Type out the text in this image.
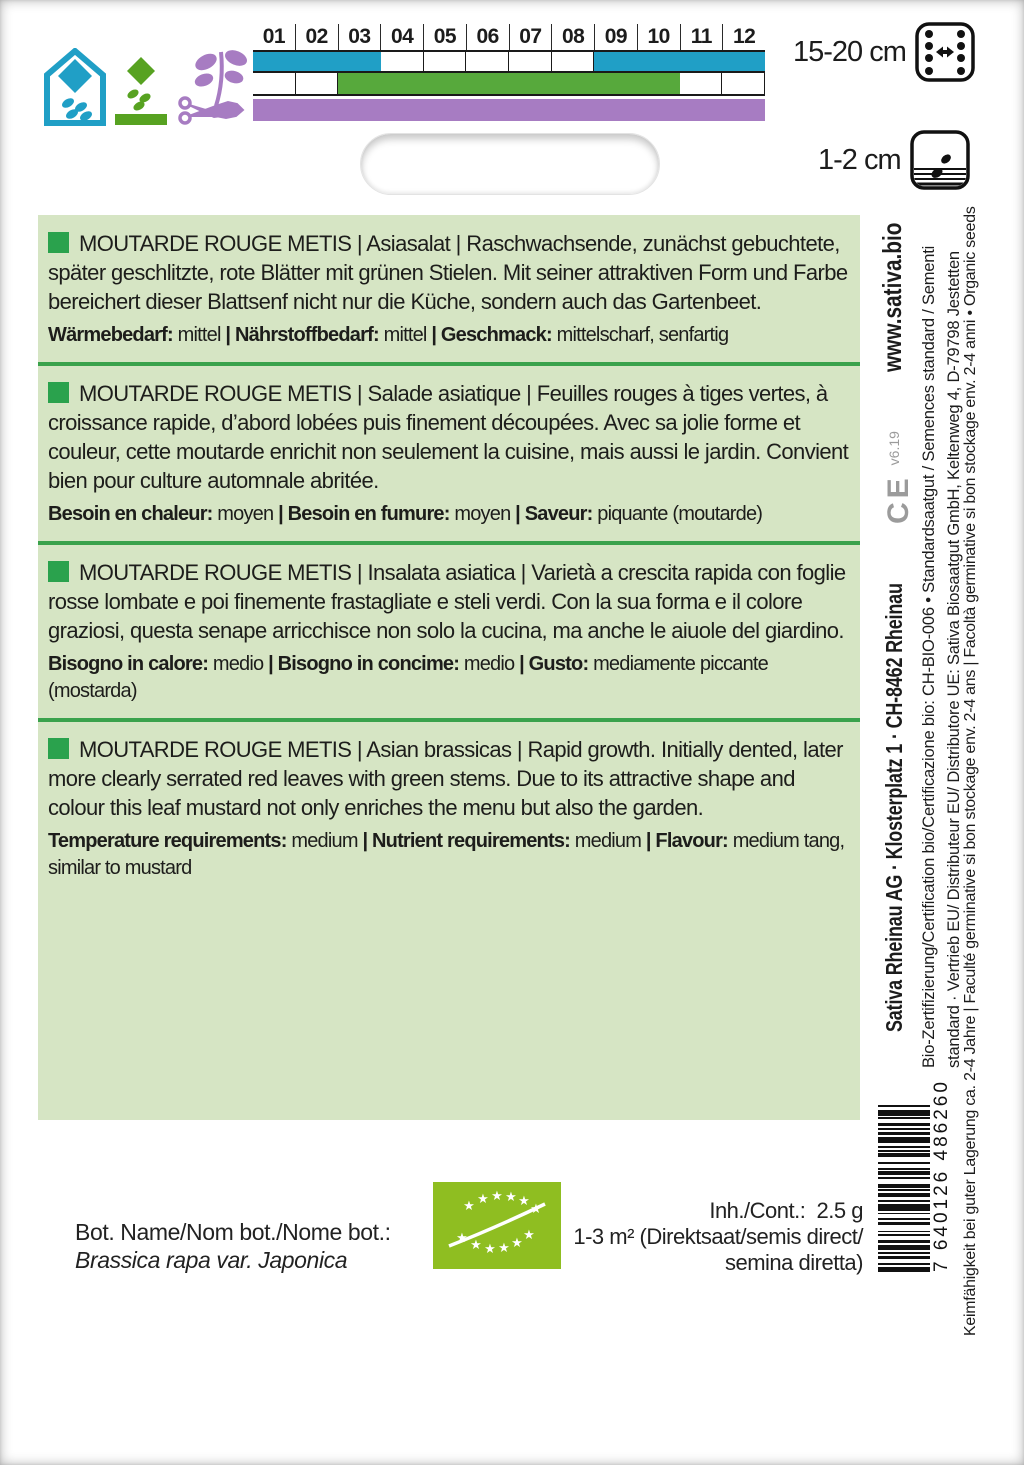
01 02 03 04 05 06 07 08 09 10 11 12	15-20 cm
1-2 cm

MOUTARDE ROUGE METIS | Asiasalat | Raschwachsende, zunächst gebuchtete, später geschlitzte, rote Blätter mit grünen Stielen. Mit seiner attraktiven Form und Farbe bereichert dieser Blattsenf nicht nur die Küche, sondern auch das Gartenbeet.

Wärmebedarf: mittel | Nährstoffbedarf: mittel | Geschmack: mittelscharf, senfartig

MOUTARDE ROUGE METIS | Salade asiatique | Feuilles rouges à tiges vertes, à croissance rapide, d’abord lobées puis finement découpées. Avec sa jolie forme et couleur, cette moutarde enrichit non seulement la cuisine, mais aussi le jardin. Convient bien pour culture automnale abritée.

Besoin en chaleur: moyen | Besoin en fumure: moyen | Saveur: piquante (moutarde)

MOUTARDE ROUGE METIS | Insalata asiatica | Varietà a crescita rapida con foglie rosse lombate e poi finemente frastagliate e steli verdi. Con la sua forma e il colore graziosi, questa senape arricchisce non solo la cucina, ma anche le aiuole del giardino.

Bisogno in calore: medio | Bisogno in concime: medio | Gusto: mediamente piccante (mostarda)

MOUTARDE ROUGE METIS | Asian brassicas | Rapid growth. Initially dented, later more clearly serrated red leaves with green stems. Due to its attractive shape and colour this leaf mustard not only enriches the menu but also the garden.

Temperature requirements: medium | Nutrient requirements: medium | Flavour: medium tang, similar to mustard

Bot. Name/Nom bot./Nome bot.:
Brassica rapa var. Japonica
★ ★ ★ ★ ★
★
★ ★ ★ ★ ★
★
Inh./Cont.:  2.5 g
1-3 m² (Direktsaat/semis direct/
semina diretta)
Sativa Rheinau AG · Klosterplatz 1 · CH-8462 Rheinau
www.sativa.bio
CEv6.19	Bio-Zertifizierung/Certification bio/Certificazione bio: CH-BIO-006 • Standardsaatgut / Semences standard / Sementi standard · Vertrieb EU/ Distributeur EU/ Distributore UE: Sativa Biosaatgut GmbH, Keltenweg 4, D-79798 Jestetten Keimfähigkeit bei guter Lagerung ca. 2-4 Jahre | Faculté germinative si bon stockage env. 2-4 ans | Facoltà germinative si bon stockage env. 2-4 anni • Organic seeds
7 640126 486260
